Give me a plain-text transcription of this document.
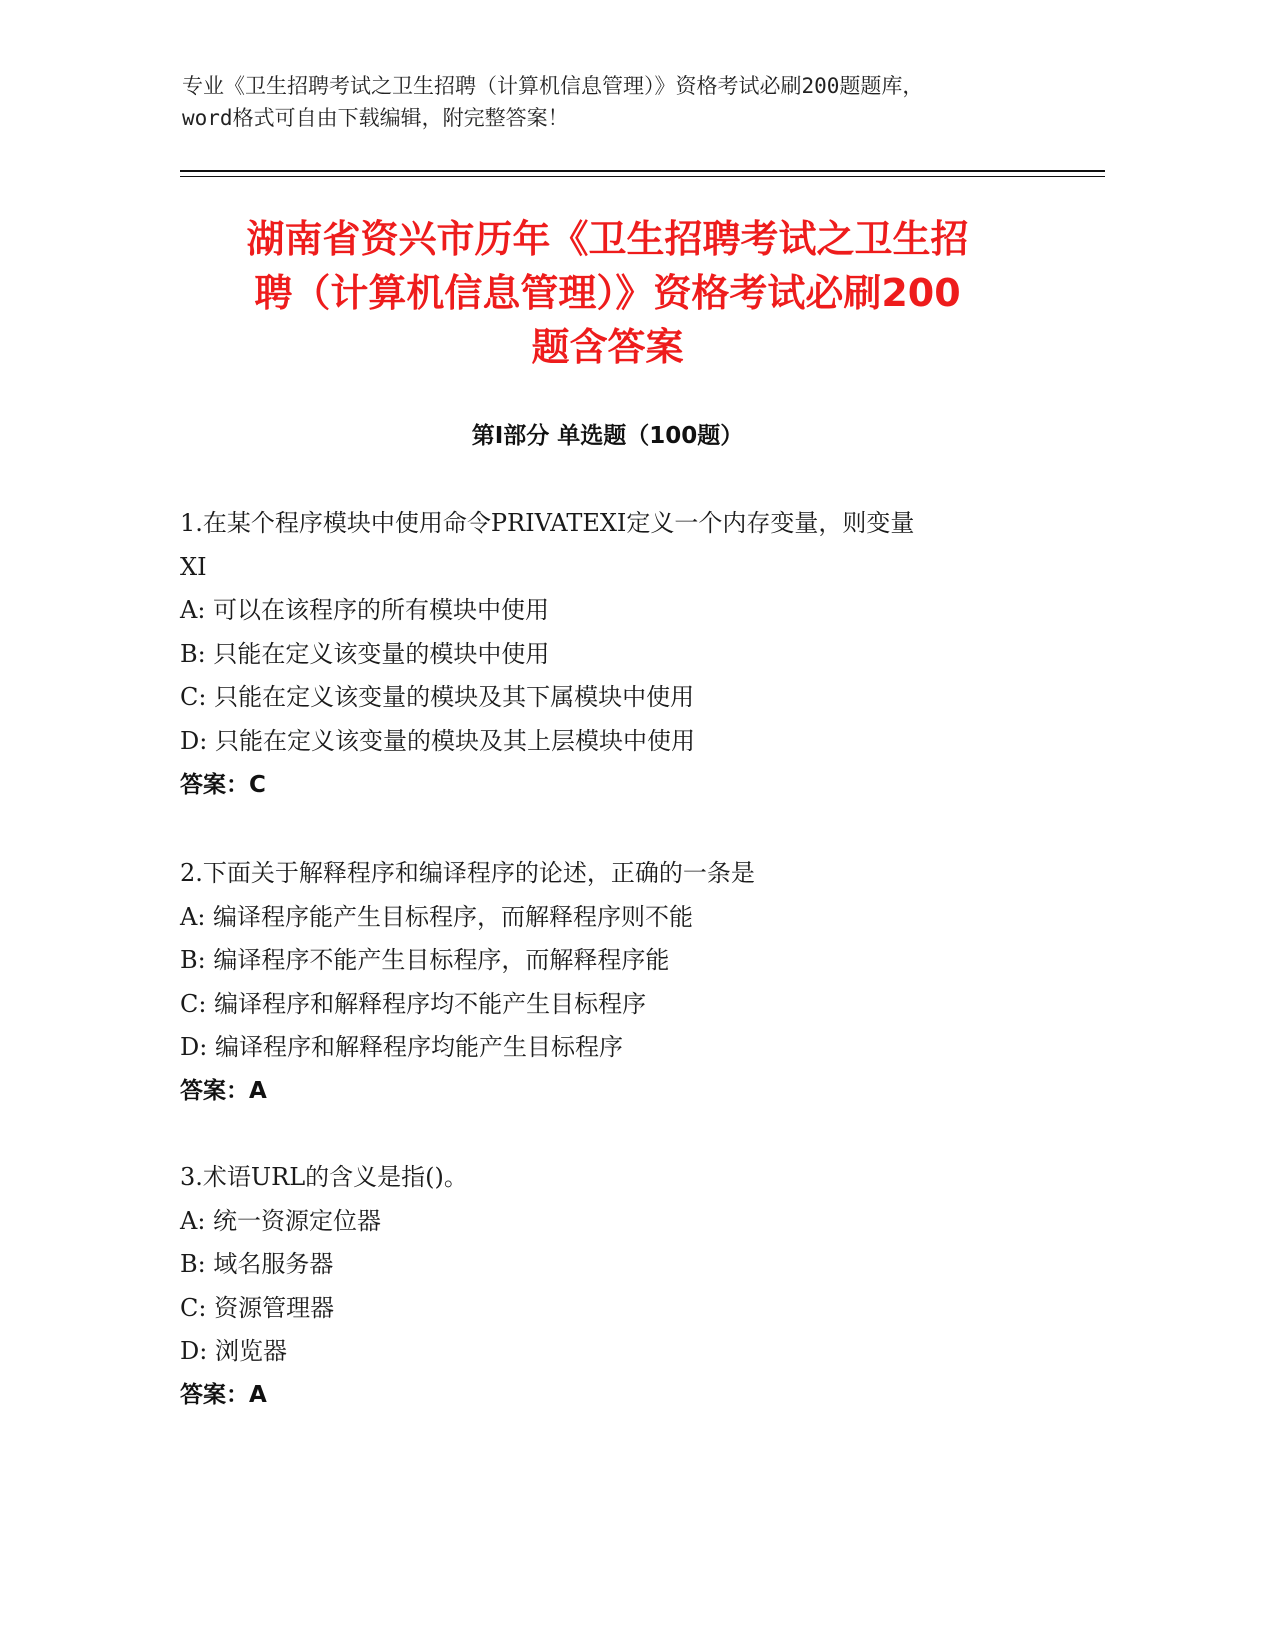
专业《卫生招聘考试之卫生招聘（计算机信息管理）》资格考试必刷200题题库，
word格式可自由下载编辑，附完整答案！
湖南省资兴市历年《卫生招聘考试之卫生招
聘（计算机信息管理）》资格考试必刷200
题含答案
第Ⅰ部分 单选题（100题）
1.在某个程序模块中使用命令PRIVATEXI定义一个内存变量，则变量
XI
A: 可以在该程序的所有模块中使用
B: 只能在定义该变量的模块中使用
C: 只能在定义该变量的模块及其下属模块中使用
D: 只能在定义该变量的模块及其上层模块中使用
答案：C
2.下面关于解释程序和编译程序的论述，正确的一条是
A: 编译程序能产生目标程序，而解释程序则不能
B: 编译程序不能产生目标程序，而解释程序能
C: 编译程序和解释程序均不能产生目标程序
D: 编译程序和解释程序均能产生目标程序
答案：A
3.术语URL的含义是指()。
A: 统一资源定位器
B: 域名服务器
C: 资源管理器
D: 浏览器
答案：A
